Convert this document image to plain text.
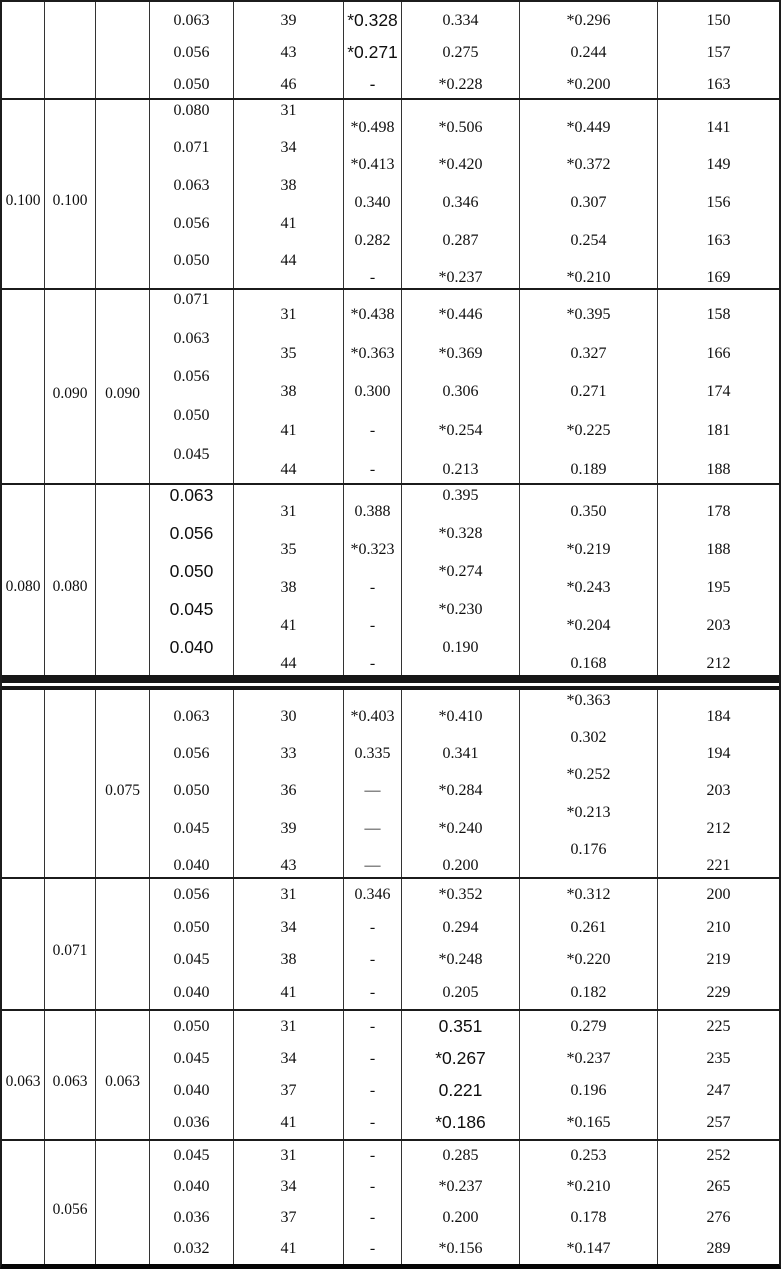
0.063
0.056
0.050
39
43
46
*0.328
*0.271
-
0.334
0.275
*0.228
*0.296
0.244
*0.200
150
157
163
0.100 0.100
0.080
0.071
0.063
0.056
0.050
31
34
38
41
44
*0.498
*0.413
0.340
0.282
-
*0.506
*0.420
0.346
0.287
*0.237
*0.449
*0.372
0.307
0.254
*0.210
141
149
156
163
169
0.090 0.090
0.071
0.063
0.056
0.050
0.045
31
35
38
41
44
*0.438
*0.363
0.300
-
-
*0.446
*0.369
0.306
*0.254
0.213
*0.395
0.327
0.271
*0.225
0.189
158
166
174
181
188
0.080 0.080
0.063
0.056
0.050
0.045
0.040
31
35
38
41
44
0.388
*0.323
-
-
-
0.395
*0.328
*0.274
*0.230
0.190
0.350
*0.219
*0.243
*0.204
0.168
178
188
195
203
212
0.075
0.063
0.056
0.050
0.045
0.040
30
33
36
39
43
*0.403
0.335
—
—
—
*0.410
0.341
*0.284
*0.240
0.200
*0.363
0.302
*0.252
*0.213
0.176
184
194
203
212
221
0.071
0.056
0.050
0.045
0.040
31
34
38
41
0.346
-
-
-
*0.352
0.294
*0.248
0.205
*0.312
0.261
*0.220
0.182
200
210
219
229
0.063 0.063 0.063
0.050
0.045
0.040
0.036
31
34
37
41
-
-
-
-
0.351
*0.267
0.221
*0.186
0.279
*0.237
0.196
*0.165
225
235
247
257
0.056
0.045
0.040
0.036
0.032
31
34
37
41
-
-
-
-
0.285
*0.237
0.200
*0.156
0.253
*0.210
0.178
*0.147
252
265
276
289
